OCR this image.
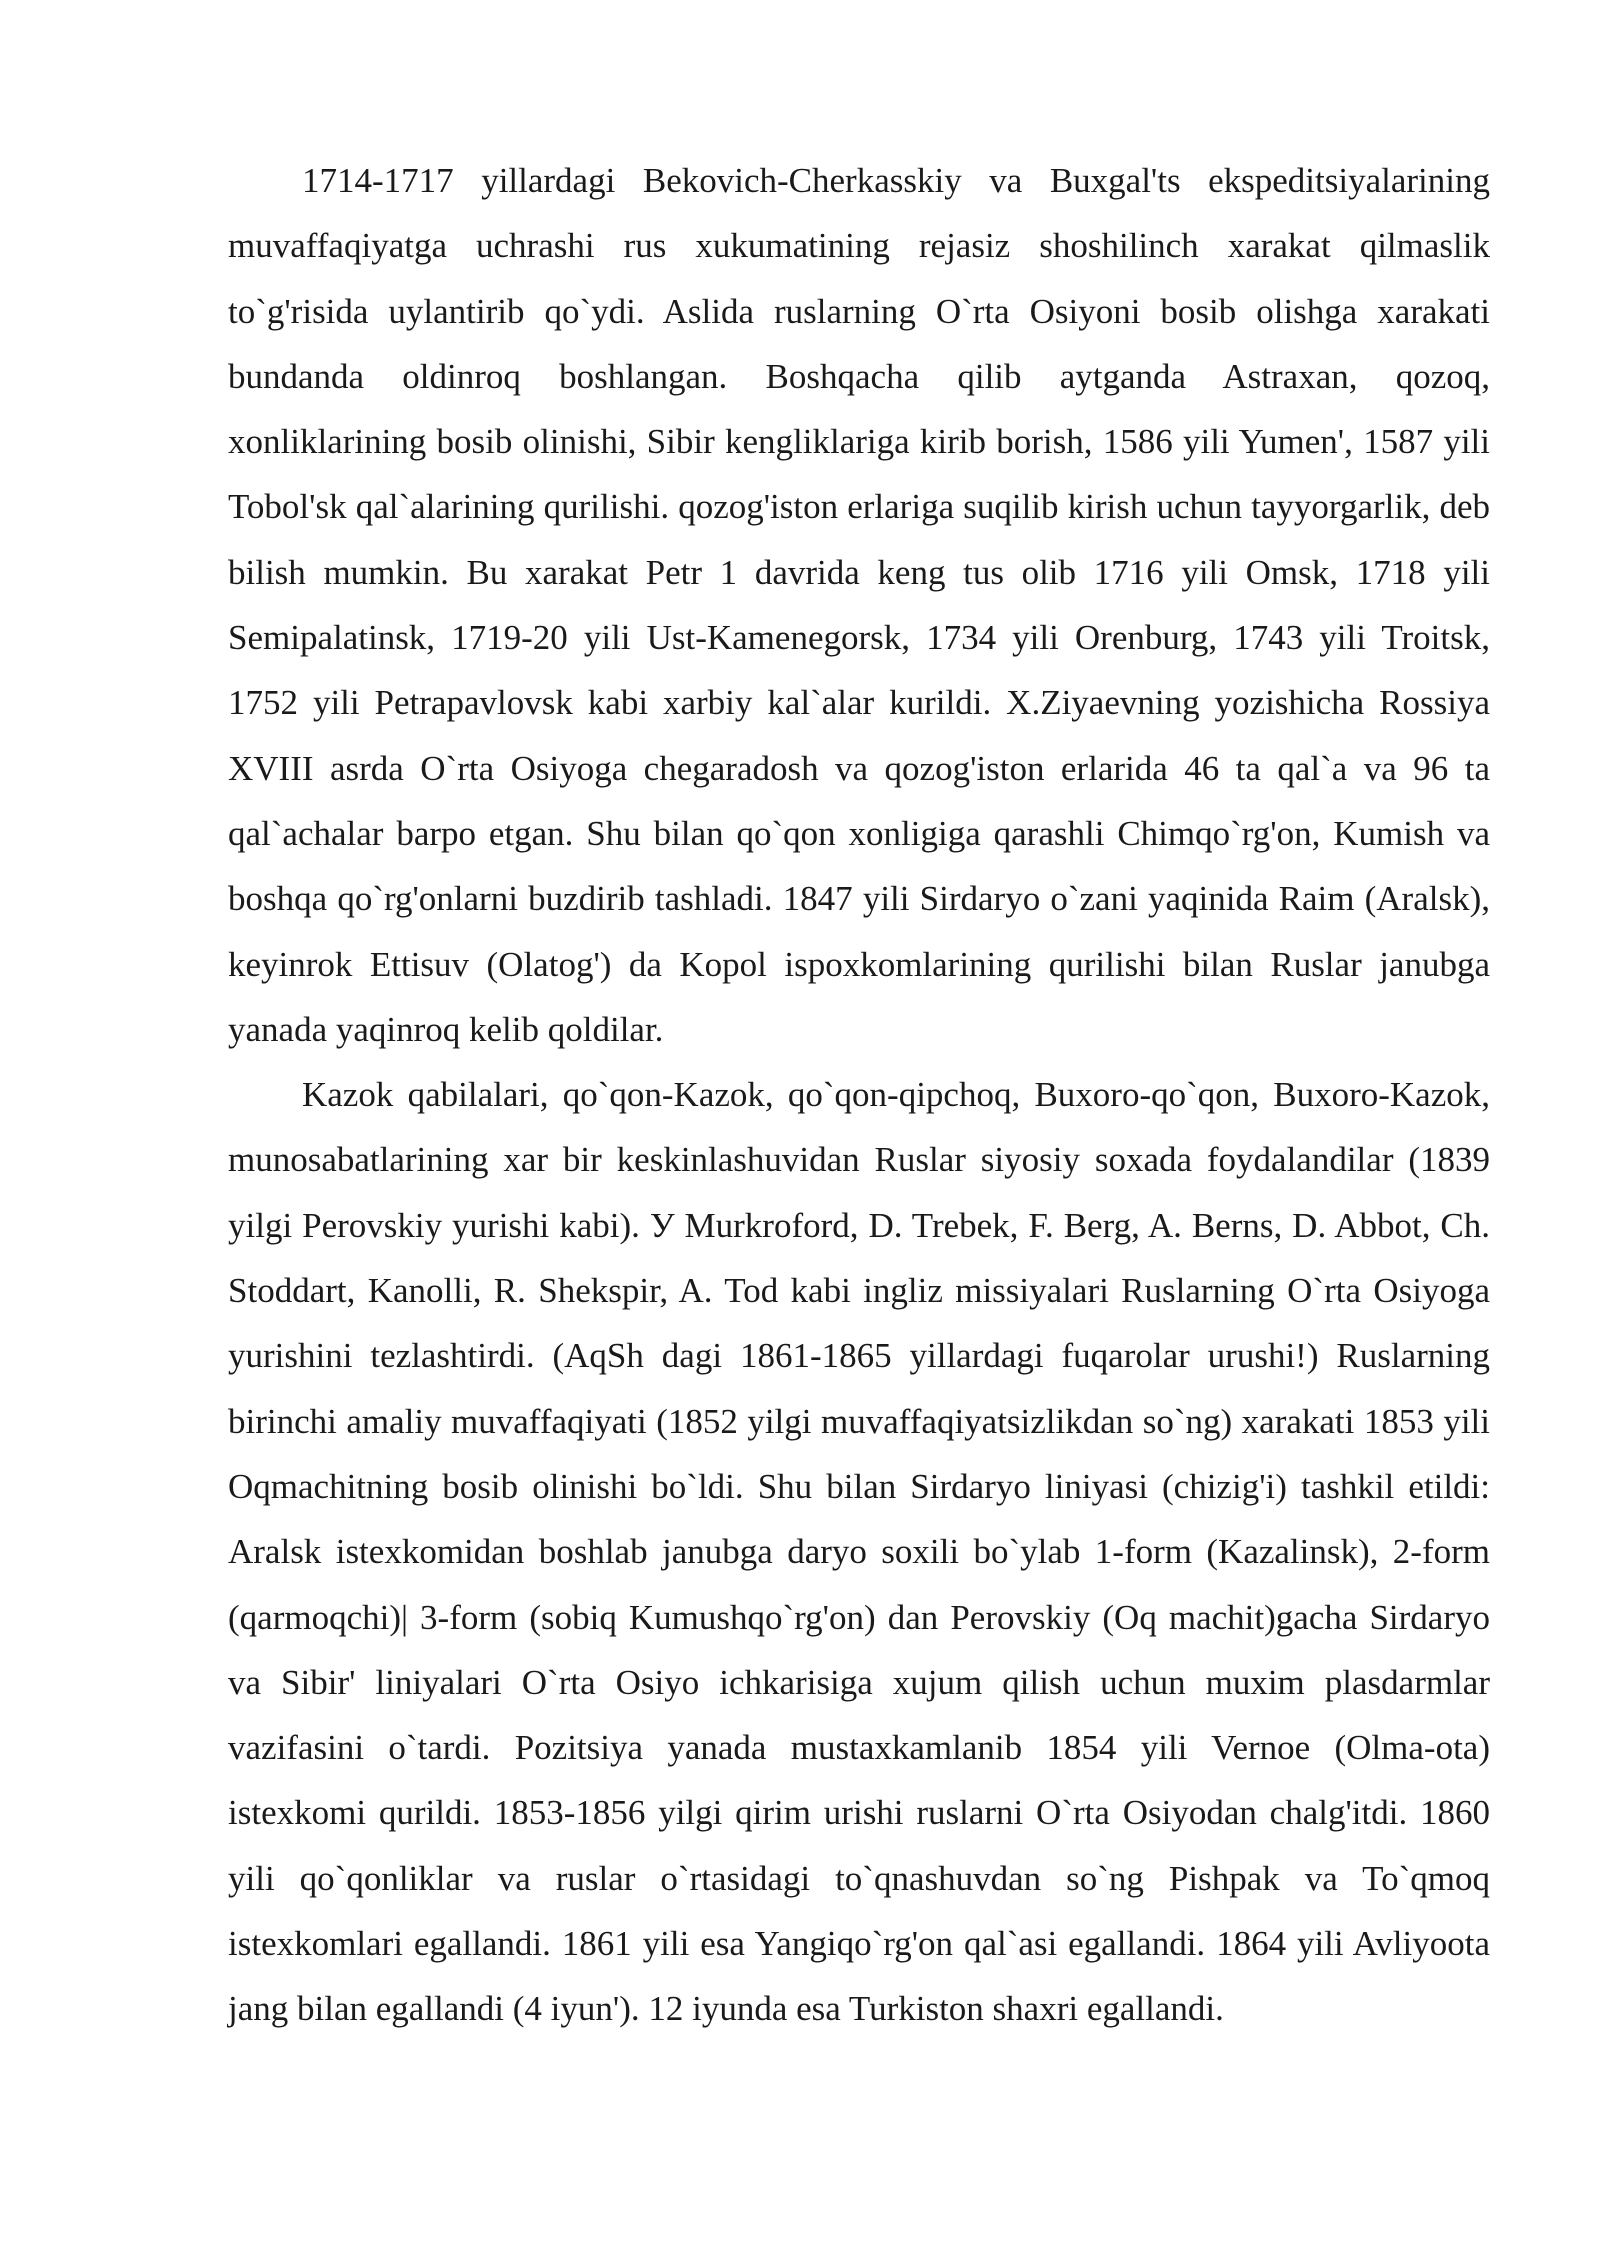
1714-1717 yillardagi Bekovich-Cherkasskiy va Buxgal'ts ekspeditsiyalarining muvaffaqiyatga uchrashi rus xukumatining rejasiz shoshilinch xarakat qilmaslik to`g'risida uylantirib qo`ydi. Aslida ruslarning O`rta Osiyoni bosib olishga xarakati bundanda oldinroq boshlangan. Boshqacha qilib aytganda Astraxan, qozoq, xonliklarining bosib olinishi, Sibir kengliklariga kirib borish, 1586 yili Yumen', 1587 yili Tobol'sk qal`alarining qurilishi. qozog'iston erlariga suqilib kirish uchun tayyorgarlik, deb bilish mumkin. Bu xarakat Petr 1 davrida keng tus olib 1716 yili Omsk, 1718 yili Semipalatinsk, 1719-20 yili Ust-Kamenegorsk, 1734 yili Orenburg, 1743 yili Troitsk, 1752 yili Petrapavlovsk kabi xarbiy kal`alar kurildi. X.Ziyaevning yozishicha Rossiya XVIII asrda O`rta Osiyoga chegaradosh va qozog'iston erlarida 46 ta qal`a va 96 ta qal`achalar barpo etgan. Shu bilan qo`qon xonligiga qarashli Chimqo`rg'on, Kumish va boshqa qo`rg'onlarni buzdirib tashladi. 1847 yili Sirdaryo o`zani yaqinida Raim (Aralsk), keyinrok Ettisuv (Olatog') da Kopol ispoxkomlarining qurilishi bilan Ruslar janubga yanada yaqinroq kelib qoldilar.

Kazok qabilalari, qo`qon-Kazok, qo`qon-qipchoq, Buxoro-qo`qon, Buxoro-Kazok, munosabatlarining xar bir keskinlashuvidan Ruslar siyosiy soxada foydalandilar (1839 yilgi Perovskiy yurishi kabi). У Murkroford, D. Trebek, F. Berg, A. Berns, D. Abbot, Ch. Stoddart, Kanolli, R. Shekspir, A. Tod kabi ingliz missiyalari Ruslarning O`rta Osiyoga yurishini tezlashtirdi. (AqSh dagi 1861-1865 yillardagi fuqarolar urushi!) Ruslarning birinchi amaliy muvaffaqiyati (1852 yilgi muvaffaqiyatsizlikdan so`ng) xarakati 1853 yili Oqmachitning bosib olinishi bo`ldi. Shu bilan Sirdaryo liniyasi (chizig'i) tashkil etildi: Aralsk istexkomidan boshlab janubga daryo soxili bo`ylab 1-form (Kazalinsk), 2-form (qarmoqchi)| 3-form (sobiq Kumushqo`rg'on) dan Perovskiy (Oq machit)gacha Sirdaryo va Sibir' liniyalari O`rta Osiyo ichkarisiga xujum qilish uchun muxim plasdarmlar vazifasini o`tardi. Pozitsiya yanada mustaxkamlanib 1854 yili Vernoe (Olma-ota) istexkomi qurildi. 1853-1856 yilgi qirim urishi ruslarni O`rta Osiyodan chalg'itdi. 1860 yili qo`qonliklar va ruslar o`rtasidagi to`qnashuvdan so`ng Pishpak va To`qmoq istexkomlari egallandi. 1861 yili esa Yangiqo`rg'on qal`asi egallandi. 1864 yili Avliyoota jang bilan egallandi (4 iyun'). 12 iyunda esa Turkiston shaxri egallandi.
